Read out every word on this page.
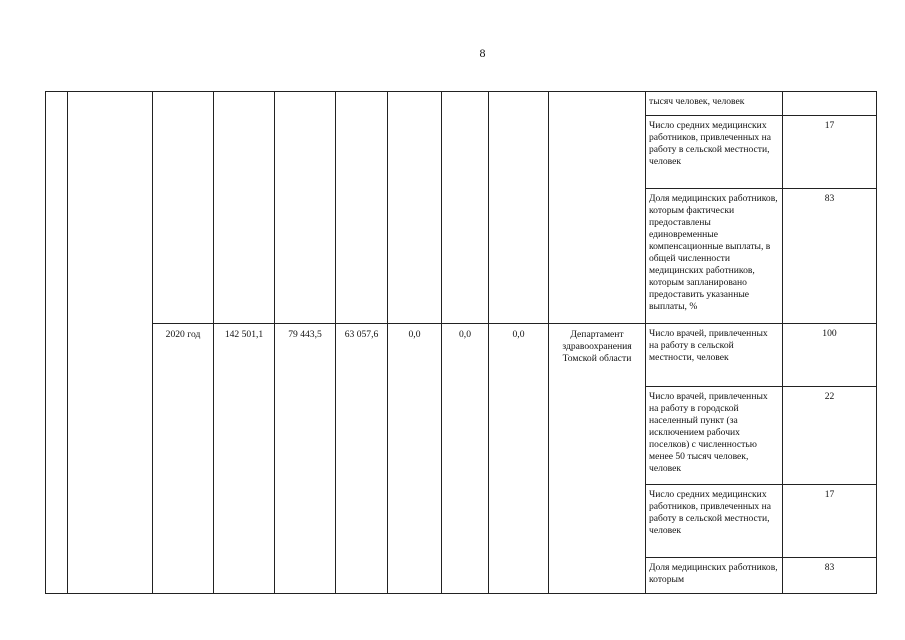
8
										тысяч человек, человек	
										Число средних медицинских работников, привлеченных на работу в сельской местности, человек	17
										Доля медицинских работников, которым фактически предоставлены единовременные компенсационные выплаты, в общей численности медицинских работников, которым запланировано предоставить указанные выплаты, %	83
		2020 год	142 501,1	79 443,5	63 057,6	0,0	0,0	0,0	Департамент здравоохранения Томской области	Число врачей, привлеченных на работу в сельской местности, человек	100
										Число врачей, привлеченных на работу в городской населенный пункт (за исключением рабочих поселков) с численностью менее 50 тысяч человек, человек	22
										Число средних медицинских работников, привлеченных на работу в сельской местности, человек	17
										Доля медицинских работников, которым	83
